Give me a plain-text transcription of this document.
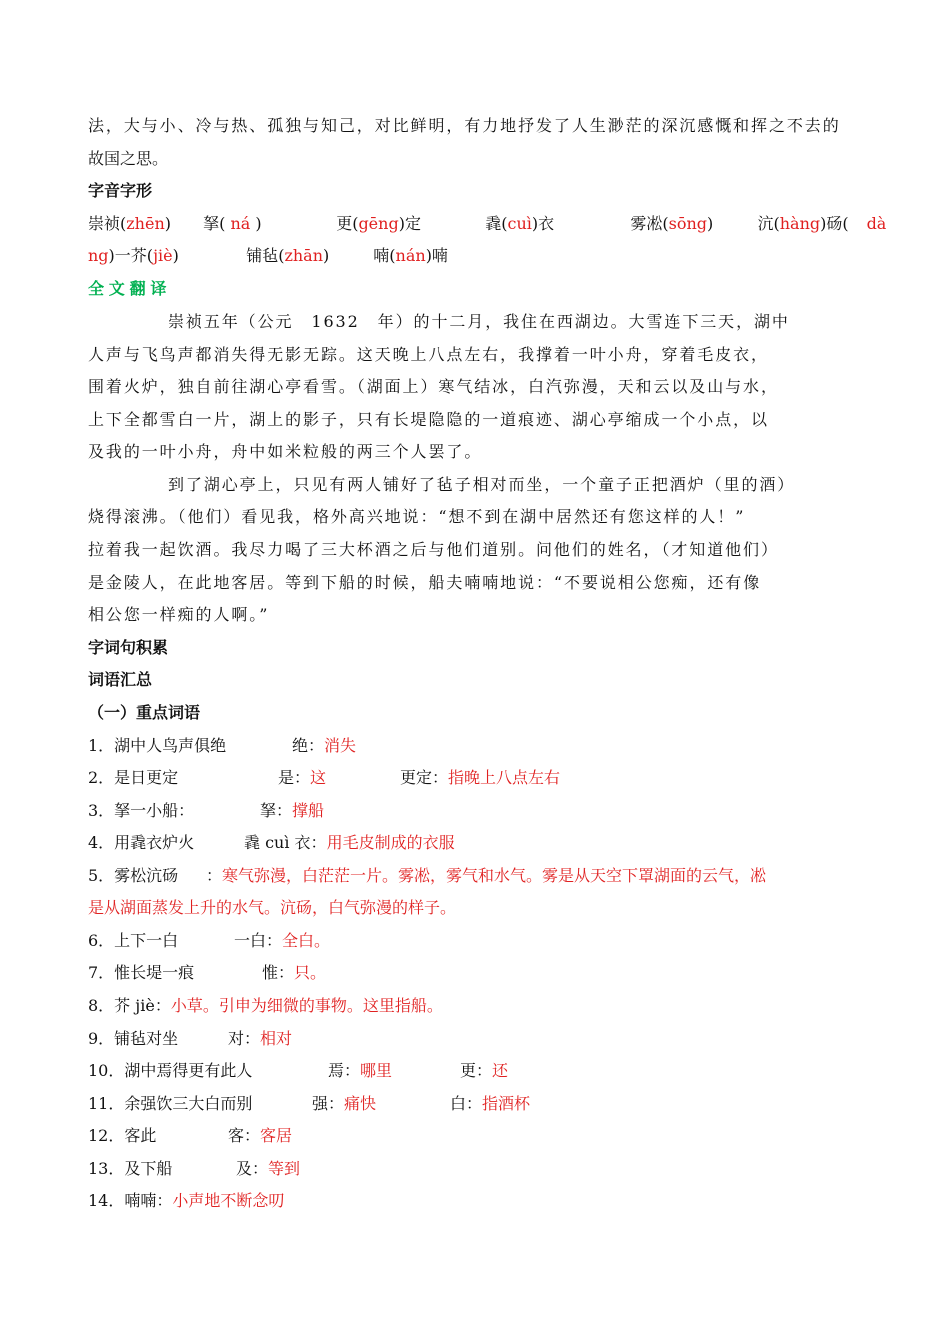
法，大与小、冷与热、孤独与知己，对比鲜明，有力地抒发了人生渺茫的深沉感慨和挥之不去的
故国之思。
字音字形
崇祯(zhēn) 拏( ná )	更(gēng)定	毳(cuì)衣	雾凇(sōng)	沆(hàng)砀( dà
ng)一芥( jiè)	铺毡(zhān)	喃(nán)喃
全文翻译
崇祯五年（公元　1632　年）的十二月，我住在西湖边。大雪连下三天，湖中
人声与飞鸟声都消失得无影无踪。这天晚上八点左右，我撑着一叶小舟，穿着毛皮衣，
围着火炉，独自前往湖心亭看雪。（湖面上）寒气结冰，白汽弥漫，天和云以及山与水，
上下全都雪白一片，湖上的影子，只有长堤隐隐的一道痕迹、湖心亭缩成一个小点，以
及我的一叶小舟，舟中如米粒般的两三个人罢了。
到了湖心亭上，只见有两人铺好了毡子相对而坐，一个童子正把酒炉（里的酒）
烧得滚沸。（他们）看见我，格外高兴地说：“想不到在湖中居然还有您这样的人！”
拉着我一起饮酒。我尽力喝了三大杯酒之后与他们道别。问他们的姓名，（才知道他们）
是金陵人，在此地客居。等到下船的时候，船夫喃喃地说：“不要说相公您痴，还有像
相公您一样痴的人啊。”
字词句积累
词语汇总
（一）重点词语
1．湖中人鸟声俱绝	绝：消失
2．是日更定	是：这	更定：指晚上八点左右
3．拏一小船：	拏：撑船
4．用毳衣炉火	毳 cuì 衣：用毛皮制成的衣服
5．雾松沆砀 ：寒气弥漫，白茫茫一片。雾凇，雾气和水气。雾是从天空下罩湖面的云气，凇
是从湖面蒸发上升的水气。沆砀，白气弥漫的样子。
6．上下一白	一白：全白。
7．惟长堤一痕	惟：只。
8．芥 jiè：小草。引申为细微的事物。这里指船。
9．铺毡对坐	对：相对
10．湖中焉得更有此人	焉：哪里	更：还
11．余强饮三大白而别	强：痛快	白：指酒杯
12．客此	客：客居
13．及下船	及：等到
14．喃喃：小声地不断念叨
